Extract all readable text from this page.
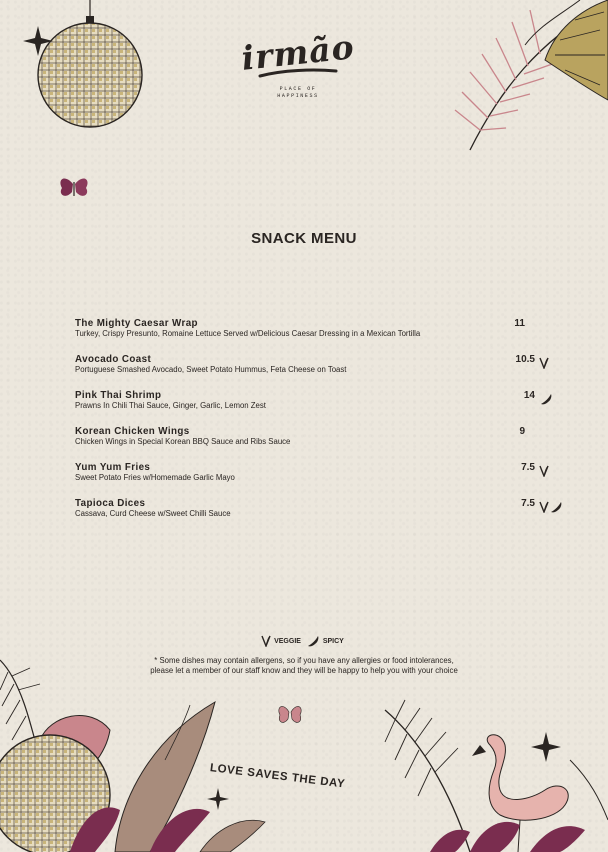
irmão
PLACE OF
HAPPINESS
SNACK MENU
The Mighty Caesar Wrap
Turkey, Crispy Presunto, Romaine Lettuce Served w/Delicious Caesar Dressing in a Mexican Tortilla
11
Avocado Coast
Portuguese Smashed Avocado, Sweet Potato Hummus, Feta Cheese on Toast
10.5
Pink Thai Shrimp
Prawns In Chili Thai Sauce, Ginger, Garlic, Lemon Zest
14
Korean Chicken Wings
Chicken Wings in Special Korean BBQ Sauce and Ribs Sauce
9
Yum Yum Fries
Sweet Potato Fries w/Homemade Garlic Mayo
7.5
Tapioca Dices
Cassava, Curd Cheese w/Sweet Chilli Sauce
7.5
VEGGIE	SPICY
* Some dishes may contain allergens, so if you have any allergies or food intolerances,
please let a member of our staff know and they will be happy to help you with your choice
LOVE SAVES THE DAY
